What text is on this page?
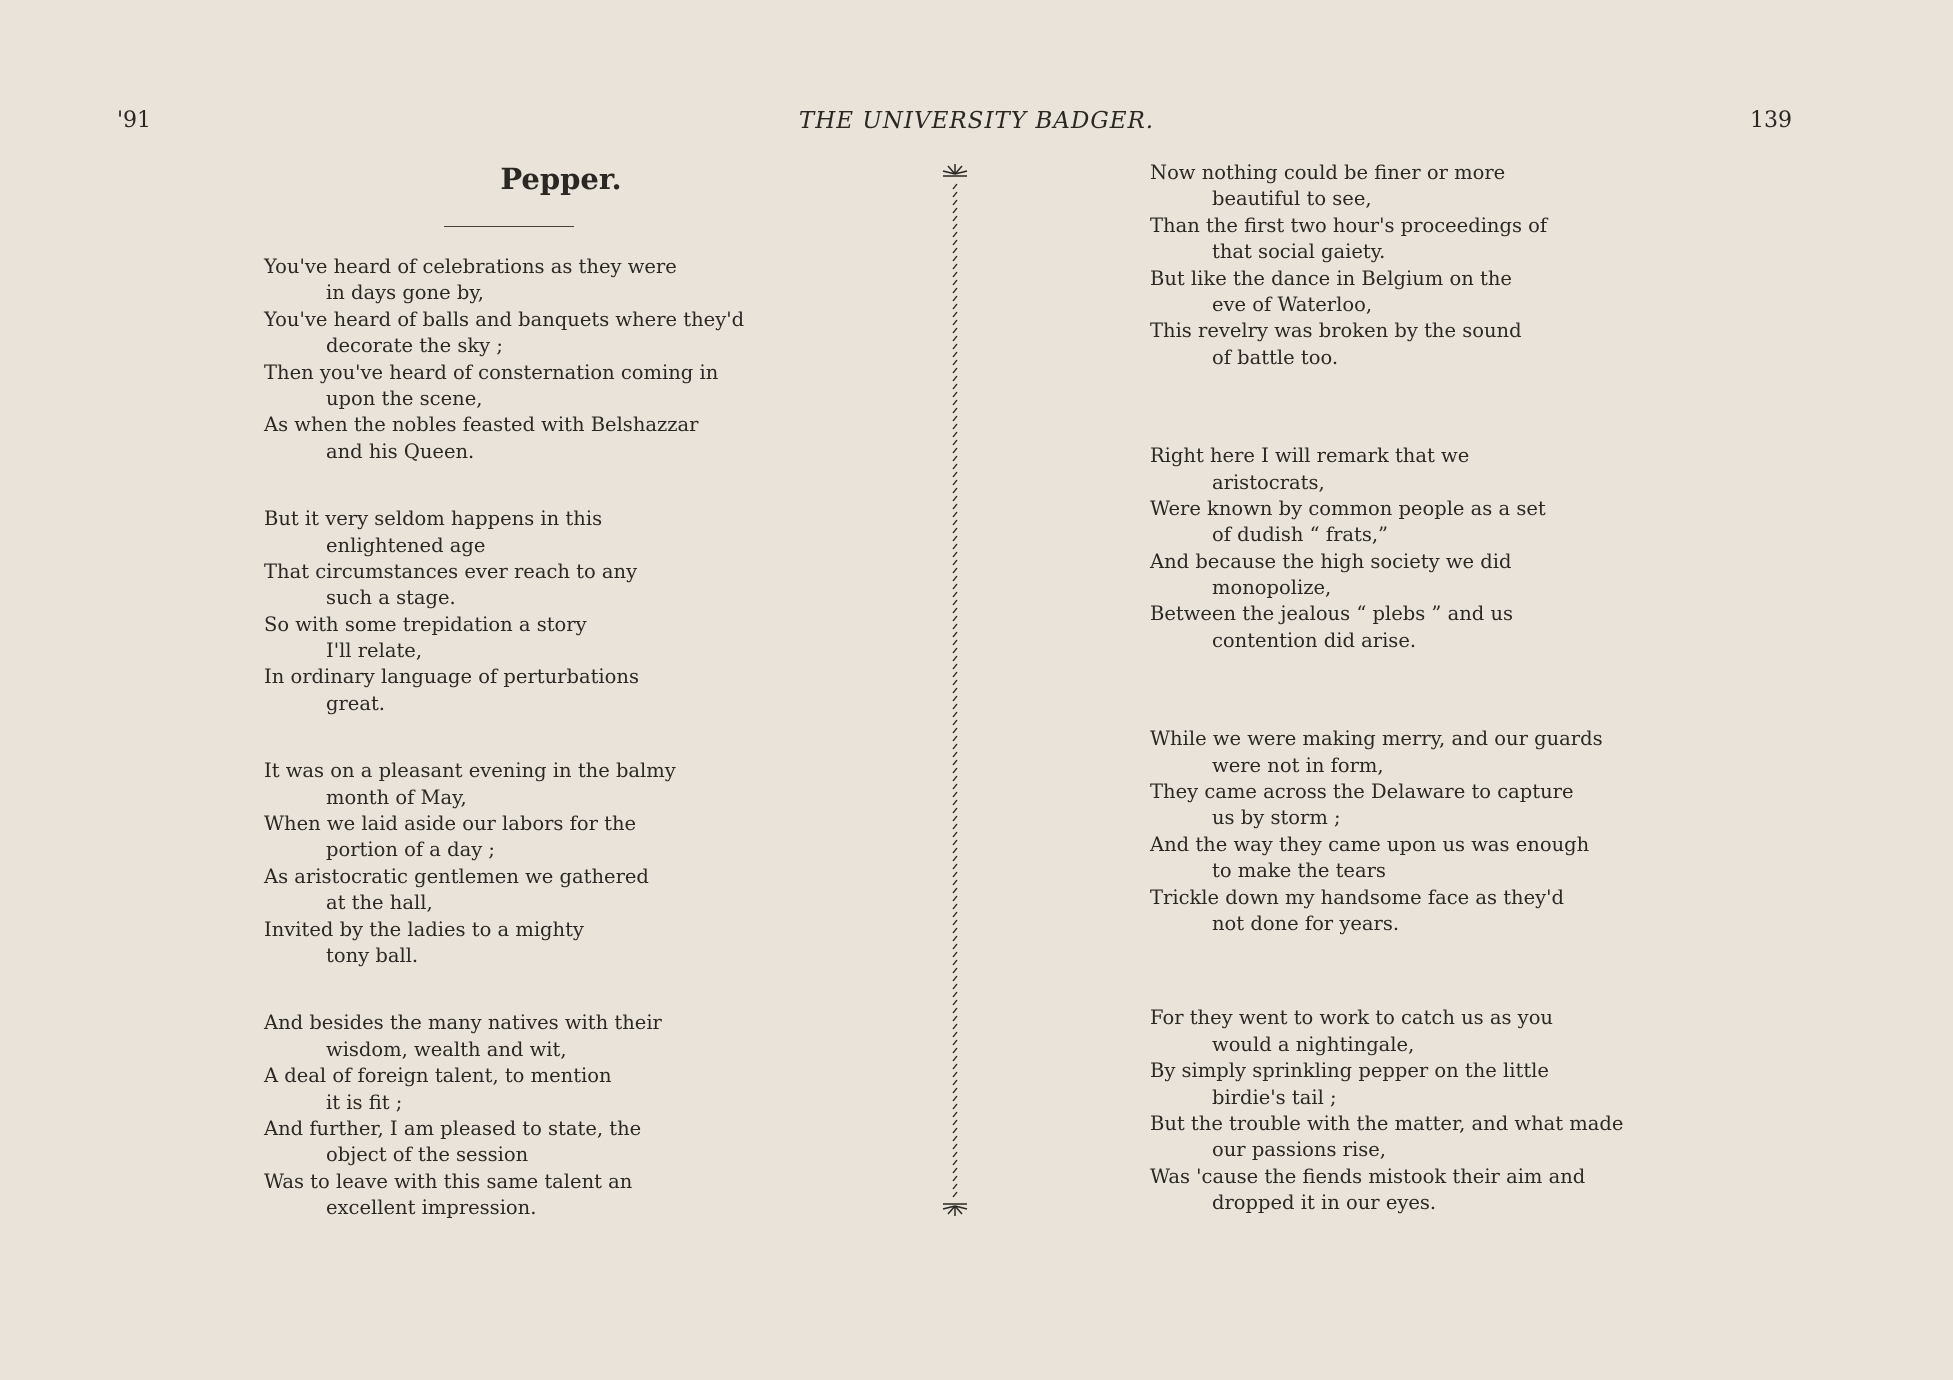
'91	THE UNIVERSITY BADGER.	139
Pepper.
You've heard of celebrations as they were
in days gone by,
You've heard of balls and banquets where they'd
decorate the sky ;
Then you've heard of consternation coming in
upon the scene,
As when the nobles feasted with Belshazzar
and his Queen.
But it very seldom happens in this
enlightened age
That circumstances ever reach to any
such a stage.
So with some trepidation a story
I'll relate,
In ordinary language of perturbations
great.
It was on a pleasant evening in the balmy
month of May,
When we laid aside our labors for the
portion of a day ;
As aristocratic gentlemen we gathered
at the hall,
Invited by the ladies to a mighty
tony ball.
And besides the many natives with their
wisdom, wealth and wit,
A deal of foreign talent, to mention
it is fit ;
And further, I am pleased to state, the
object of the session
Was to leave with this same talent an
excellent impression.
Now nothing could be finer or more
beautiful to see,
Than the first two hour's proceedings of
that social gaiety.
But like the dance in Belgium on the
eve of Waterloo,
This revelry was broken by the sound
of battle too.
Right here I will remark that we
aristocrats,
Were known by common people as a set
of dudish “ frats,”
And because the high society we did
monopolize,
Between the jealous “ plebs ” and us
contention did arise.
While we were making merry, and our guards
were not in form,
They came across the Delaware to capture
us by storm ;
And the way they came upon us was enough
to make the tears
Trickle down my handsome face as they'd
not done for years.
For they went to work to catch us as you
would a nightingale,
By simply sprinkling pepper on the little
birdie's tail ;
But the trouble with the matter, and what made
our passions rise,
Was 'cause the fiends mistook their aim and
dropped it in our eyes.
